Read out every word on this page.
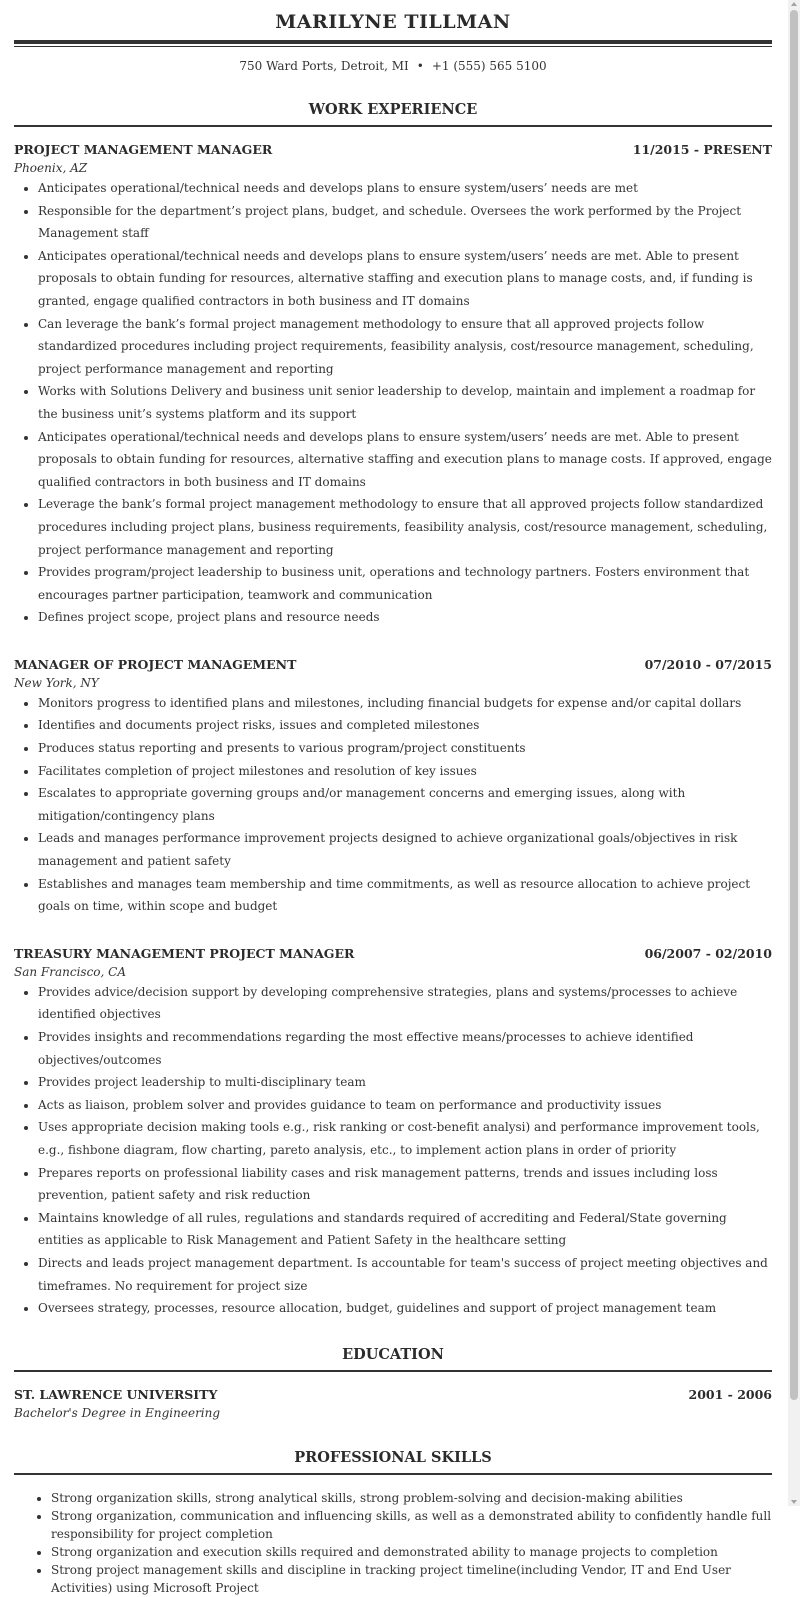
MARILYNE TILLMAN
750 Ward Ports, Detroit, MI • +1 (555) 565 5100
WORK EXPERIENCE
PROJECT MANAGEMENT MANAGER	11/2015 - PRESENT
Phoenix, AZ
• Anticipates operational/technical needs and develops plans to ensure system/users’ needs are met
• Responsible for the department’s project plans, budget, and schedule. Oversees the work performed by the Project Management staff
• Anticipates operational/technical needs and develops plans to ensure system/users’ needs are met. Able to present proposals to obtain funding for resources, alternative staffing and execution plans to manage costs, and, if funding is granted, engage qualified contractors in both business and IT domains
• Can leverage the bank’s formal project management methodology to ensure that all approved projects follow standardized procedures including project requirements, feasibility analysis, cost/resource management, scheduling, project performance management and reporting
• Works with Solutions Delivery and business unit senior leadership to develop, maintain and implement a roadmap for the business unit’s systems platform and its support
• Anticipates operational/technical needs and develops plans to ensure system/users’ needs are met. Able to present proposals to obtain funding for resources, alternative staffing and execution plans to manage costs. If approved, engage qualified contractors in both business and IT domains
• Leverage the bank’s formal project management methodology to ensure that all approved projects follow standardized procedures including project plans, business requirements, feasibility analysis, cost/resource management, scheduling, project performance management and reporting
• Provides program/project leadership to business unit, operations and technology partners. Fosters environment that encourages partner participation, teamwork and communication
• Defines project scope, project plans and resource needs
MANAGER OF PROJECT MANAGEMENT	07/2010 - 07/2015
New York, NY
• Monitors progress to identified plans and milestones, including financial budgets for expense and/or capital dollars
• Identifies and documents project risks, issues and completed milestones
• Produces status reporting and presents to various program/project constituents
• Facilitates completion of project milestones and resolution of key issues
• Escalates to appropriate governing groups and/or management concerns and emerging issues, along with mitigation/contingency plans
• Leads and manages performance improvement projects designed to achieve organizational goals/objectives in risk management and patient safety
• Establishes and manages team membership and time commitments, as well as resource allocation to achieve project goals on time, within scope and budget
TREASURY MANAGEMENT PROJECT MANAGER	06/2007 - 02/2010
San Francisco, CA
• Provides advice/decision support by developing comprehensive strategies, plans and systems/processes to achieve identified objectives
• Provides insights and recommendations regarding the most effective means/processes to achieve identified objectives/outcomes
• Provides project leadership to multi-disciplinary team
• Acts as liaison, problem solver and provides guidance to team on performance and productivity issues
• Uses appropriate decision making tools e.g., risk ranking or cost-benefit analysi) and performance improvement tools, e.g., fishbone diagram, flow charting, pareto analysis, etc., to implement action plans in order of priority
• Prepares reports on professional liability cases and risk management patterns, trends and issues including loss prevention, patient safety and risk reduction
• Maintains knowledge of all rules, regulations and standards required of accrediting and Federal/State governing entities as applicable to Risk Management and Patient Safety in the healthcare setting
• Directs and leads project management department. Is accountable for team's success of project meeting objectives and timeframes. No requirement for project size
• Oversees strategy, processes, resource allocation, budget, guidelines and support of project management team
EDUCATION
ST. LAWRENCE UNIVERSITY	2001 - 2006
Bachelor's Degree in Engineering
PROFESSIONAL SKILLS
• Strong organization skills, strong analytical skills, strong problem-solving and decision-making abilities
• Strong organization, communication and influencing skills, as well as a demonstrated ability to confidently handle full responsibility for project completion
• Strong organization and execution skills required and demonstrated ability to manage projects to completion
• Strong project management skills and discipline in tracking project timeline(including Vendor, IT and End User Activities) using Microsoft Project
